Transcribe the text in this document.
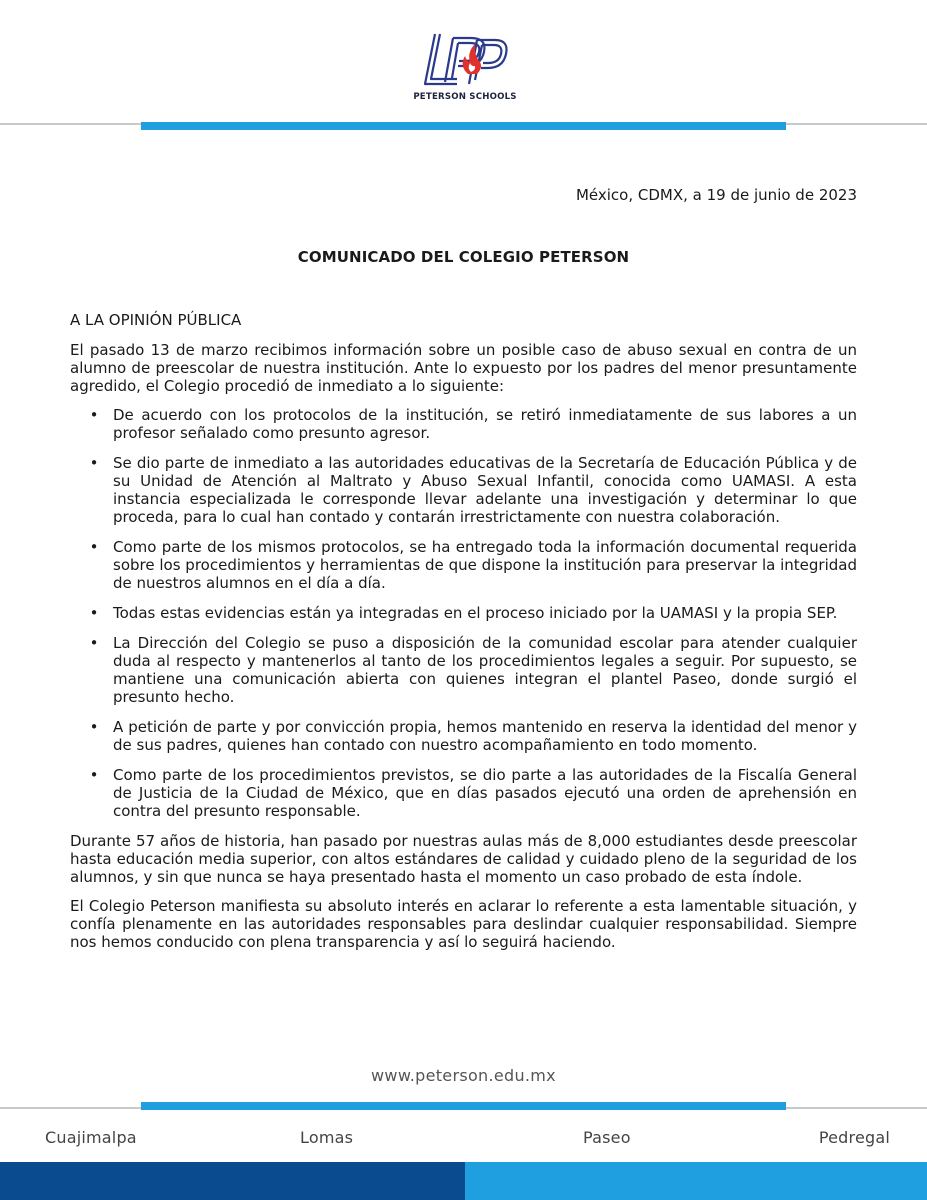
PETERSON SCHOOLS
México, CDMX, a 19 de junio de 2023
COMUNICADO DEL COLEGIO PETERSON

A LA OPINIÓN PÚBLICA

El pasado 13 de marzo recibimos información sobre un posible caso de abuso sexual en contra de un alumno de preescolar de nuestra institución. Ante lo expuesto por los padres del menor presuntamente agredido, el Colegio procedió de inmediato a lo siguiente:

• De acuerdo con los protocolos de la institución, se retiró inmediatamente de sus labores a un profesor señalado como presunto agresor.
• Se dio parte de inmediato a las autoridades educativas de la Secretaría de Educación Pública y de su Unidad de Atención al Maltrato y Abuso Sexual Infantil, conocida como UAMASI. A esta instancia especializada le corresponde llevar adelante una investigación y determinar lo que proceda, para lo cual han contado y contarán irrestrictamente con nuestra colaboración.
• Como parte de los mismos protocolos, se ha entregado toda la información documental requerida sobre los procedimientos y herramientas de que dispone la institución para preservar la integridad de nuestros alumnos en el día a día.
• Todas estas evidencias están ya integradas en el proceso iniciado por la UAMASI y la propia SEP.
• La Dirección del Colegio se puso a disposición de la comunidad escolar para atender cualquier duda al respecto y mantenerlos al tanto de los procedimientos legales a seguir. Por supuesto, se mantiene una comunicación abierta con quienes integran el plantel Paseo, donde surgió el presunto hecho.
• A petición de parte y por convicción propia, hemos mantenido en reserva la identidad del menor y de sus padres, quienes han contado con nuestro acompañamiento en todo momento.
• Como parte de los procedimientos previstos, se dio parte a las autoridades de la Fiscalía General de Justicia de la Ciudad de México, que en días pasados ejecutó una orden de aprehensión en contra del presunto responsable.

Durante 57 años de historia, han pasado por nuestras aulas más de 8,000 estudiantes desde preescolar hasta educación media superior, con altos estándares de calidad y cuidado pleno de la seguridad de los alumnos, y sin que nunca se haya presentado hasta el momento un caso probado de esta índole.

El Colegio Peterson manifiesta su absoluto interés en aclarar lo referente a esta lamentable situación, y confía plenamente en las autoridades responsables para deslindar cualquier responsabilidad. Siempre nos hemos conducido con plena transparencia y así lo seguirá haciendo.

www.peterson.edu.mx
Cuajimalpa	Lomas	Paseo	Pedregal
